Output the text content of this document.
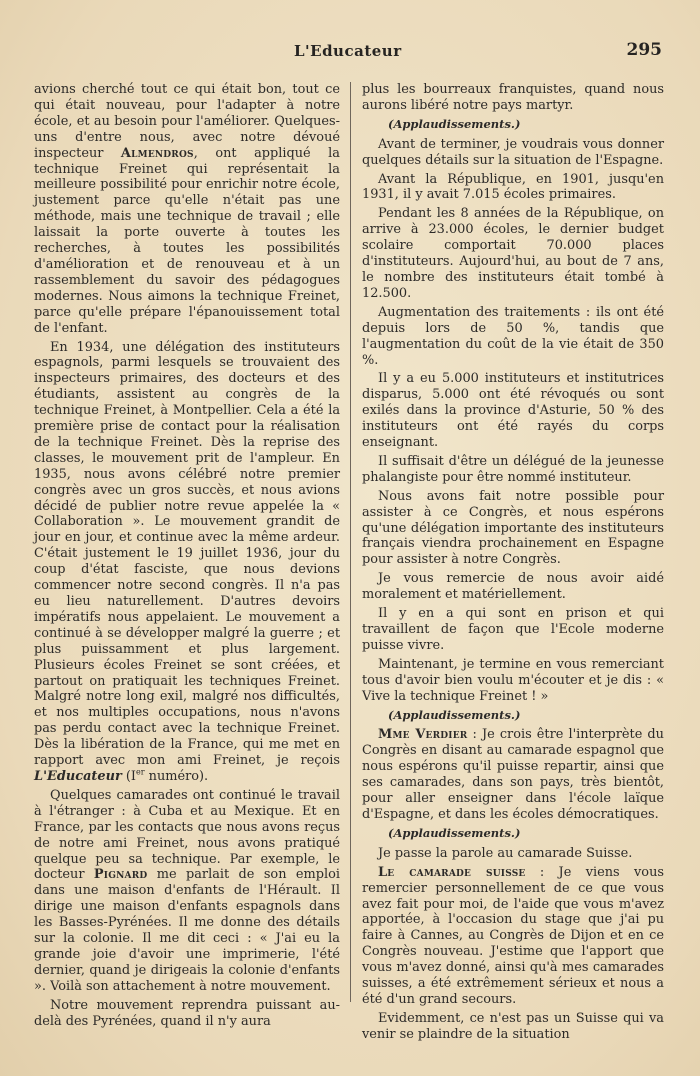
L'Educateur	295

avions cherché tout ce qui était bon, tout ce qui était nouveau, pour l'adapter à notre école, et au besoin pour l'améliorer. Quelques-uns d'entre nous, avec notre dévoué inspecteur Almendros, ont appliqué la technique Freinet qui représentait la meilleure possibilité pour enrichir notre école, justement parce qu'elle n'était pas une méthode, mais une technique de travail ; elle laissait la porte ouverte à toutes les recherches, à toutes les possibilités d'amélioration et de renouveau et à un rassemblement du savoir des pédagogues modernes. Nous aimons la technique Freinet, parce qu'elle prépare l'épanouissement total de l'enfant.

En 1934, une délégation des instituteurs espagnols, parmi lesquels se trouvaient des inspecteurs primaires, des docteurs et des étudiants, assistent au congrès de la technique Freinet, à Montpellier. Cela a été la première prise de contact pour la réalisation de la technique Freinet. Dès la reprise des classes, le mouvement prit de l'ampleur. En 1935, nous avons célébré notre premier congrès avec un gros succès, et nous avions décidé de publier notre revue appelée la « Collaboration ». Le mouvement grandit de jour en jour, et continue avec la même ardeur. C'était justement le 19 juillet 1936, jour du coup d'état fasciste, que nous devions commencer notre second congrès. Il n'a pas eu lieu naturellement. D'autres devoirs impératifs nous appelaient. Le mouvement a continué à se développer malgré la guerre ; et plus puissamment et plus largement. Plusieurs écoles Freinet se sont créées, et partout on pratiquait les techniques Freinet. Malgré notre long exil, malgré nos difficultés, et nos multiples occupations, nous n'avons pas perdu contact avec la technique Freinet. Dès la libération de la France, qui me met en rapport avec mon ami Freinet, je reçois L'Educateur (Ier numéro).

Quelques camarades ont continué le travail à l'étranger : à Cuba et au Mexique. Et en France, par les contacts que nous avons reçus de notre ami Freinet, nous avons pratiqué quelque peu sa technique. Par exemple, le docteur Pignard me parlait de son emploi dans une maison d'enfants de l'Hérault. Il dirige une maison d'enfants espagnols dans les Basses-Pyrénées. Il me donne des détails sur la colonie. Il me dit ceci : « J'ai eu la grande joie d'avoir une imprimerie, l'été dernier, quand je dirigeais la colonie d'enfants ». Voilà son attachement à notre mouvement.

Notre mouvement reprendra puissant au-delà des Pyrénées, quand il n'y aura

plus les bourreaux franquistes, quand nous aurons libéré notre pays martyr.

(Applaudissements.)

Avant de terminer, je voudrais vous donner quelques détails sur la situation de l'Espagne.

Avant la République, en 1901, jusqu'en 1931, il y avait 7.015 écoles primaires.

Pendant les 8 années de la République, on arrive à 23.000 écoles, le dernier budget scolaire comportait 70.000 places d'instituteurs. Aujourd'hui, au bout de 7 ans, le nombre des instituteurs était tombé à 12.500.

Augmentation des traitements : ils ont été depuis lors de 50 %, tandis que l'augmentation du coût de la vie était de 350 %.

Il y a eu 5.000 instituteurs et institutrices disparus, 5.000 ont été révoqués ou sont exilés dans la province d'Asturie, 50 % des instituteurs ont été rayés du corps enseignant.

Il suffisait d'être un délégué de la jeunesse phalangiste pour être nommé instituteur.

Nous avons fait notre possible pour assister à ce Congrès, et nous espérons qu'une délégation importante des instituteurs français viendra prochainement en Espagne pour assister à notre Congrès.

Je vous remercie de nous avoir aidé moralement et matériellement.

Il y en a qui sont en prison et qui travaillent de façon que l'Ecole moderne puisse vivre.

Maintenant, je termine en vous remerciant tous d'avoir bien voulu m'écouter et je dis : « Vive la technique Freinet ! »

(Applaudissements.)

Mme Verdier : Je crois être l'interprète du Congrès en disant au camarade espagnol que nous espérons qu'il puisse repartir, ainsi que ses camarades, dans son pays, très bientôt, pour aller enseigner dans l'école laïque d'Espagne, et dans les écoles démocratiques.

(Applaudissements.)

Je passe la parole au camarade Suisse.

Le camarade suisse : Je viens vous remercier personnellement de ce que vous avez fait pour moi, de l'aide que vous m'avez apportée, à l'occasion du stage que j'ai pu faire à Cannes, au Congrès de Dijon et en ce Congrès nouveau. J'estime que l'apport que vous m'avez donné, ainsi qu'à mes camarades suisses, a été extrêmement sérieux et nous a été d'un grand secours.

Evidemment, ce n'est pas un Suisse qui va venir se plaindre de la situation
